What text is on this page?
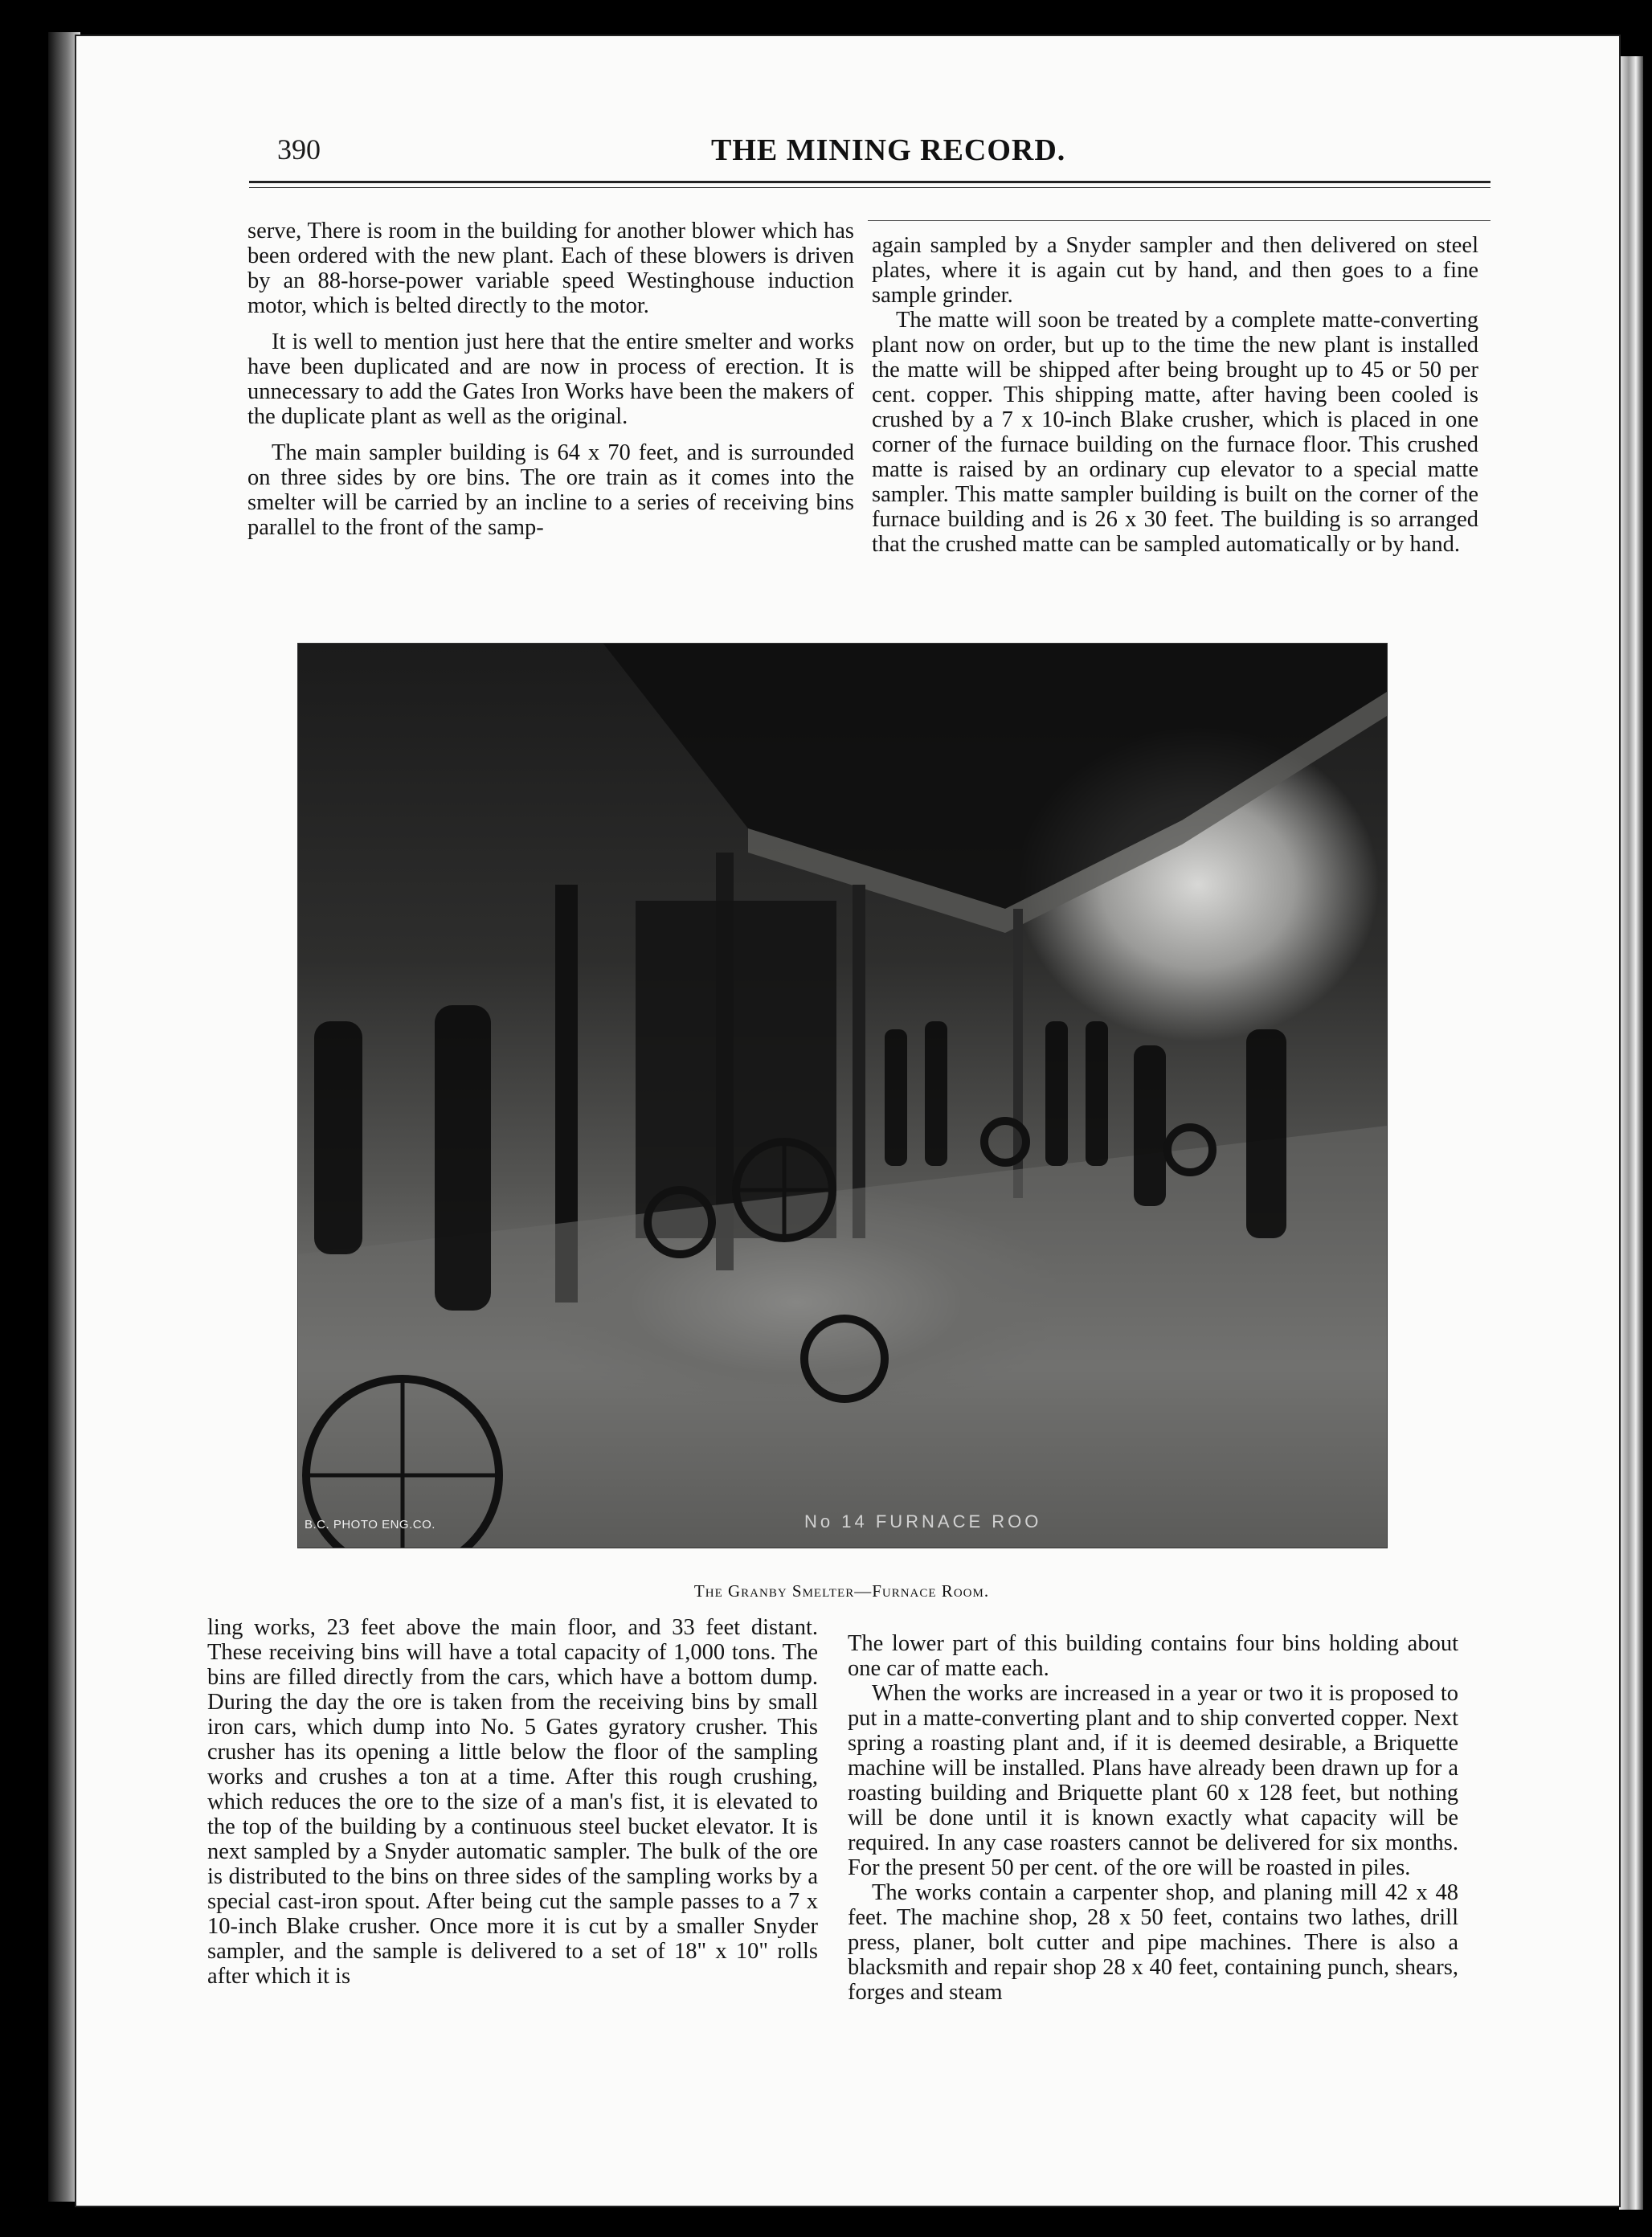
390	THE MINING RECORD.

serve, There is room in the building for another blower which has been ordered with the new plant. Each of these blowers is driven by an 88-horse-power variable speed Westinghouse induction motor, which is belted directly to the motor.

It is well to mention just here that the entire smelter and works have been duplicated and are now in process of erection. It is unnecessary to add the Gates Iron Works have been the makers of the duplicate plant as well as the original.

The main sampler building is 64 x 70 feet, and is surrounded on three sides by ore bins. The ore train as it comes into the smelter will be carried by an incline to a series of receiving bins parallel to the front of the samp-

again sampled by a Snyder sampler and then delivered on steel plates, where it is again cut by hand, and then goes to a fine sample grinder.

The matte will soon be treated by a complete matte-converting plant now on order, but up to the time the new plant is installed the matte will be shipped after being brought up to 45 or 50 per cent. copper. This shipping matte, after having been cooled is crushed by a 7 x 10-inch Blake crusher, which is placed in one corner of the furnace building on the furnace floor. This crushed matte is raised by an ordinary cup elevator to a special matte sampler. This matte sampler building is built on the corner of the furnace building and is 26 x 30 feet. The building is so arranged that the crushed matte can be sampled automatically or by hand.

B.C. PHOTO ENG.CO.	No 14 FURNACE ROO
The Granby Smelter—Furnace Room.

ling works, 23 feet above the main floor, and 33 feet distant. These receiving bins will have a total capacity of 1,000 tons. The bins are filled directly from the cars, which have a bottom dump. During the day the ore is taken from the receiving bins by small iron cars, which dump into No. 5 Gates gyratory crusher. This crusher has its opening a little below the floor of the sampling works and crushes a ton at a time. After this rough crushing, which reduces the ore to the size of a man's fist, it is elevated to the top of the building by a continuous steel bucket elevator. It is next sampled by a Snyder automatic sampler. The bulk of the ore is distributed to the bins on three sides of the sampling works by a special cast-iron spout. After being cut the sample passes to a 7 x 10-inch Blake crusher. Once more it is cut by a smaller Snyder sampler, and the sample is delivered to a set of 18" x 10" rolls after which it is

The lower part of this building contains four bins holding about one car of matte each.

When the works are increased in a year or two it is proposed to put in a matte-converting plant and to ship converted copper. Next spring a roasting plant and, if it is deemed desirable, a Briquette machine will be installed. Plans have already been drawn up for a roasting building and Briquette plant 60 x 128 feet, but nothing will be done until it is known exactly what capacity will be required. In any case roasters cannot be delivered for six months. For the present 50 per cent. of the ore will be roasted in piles.

The works contain a carpenter shop, and planing mill 42 x 48 feet. The machine shop, 28 x 50 feet, contains two lathes, drill press, planer, bolt cutter and pipe machines. There is also a blacksmith and repair shop 28 x 40 feet, containing punch, shears, forges and steam
